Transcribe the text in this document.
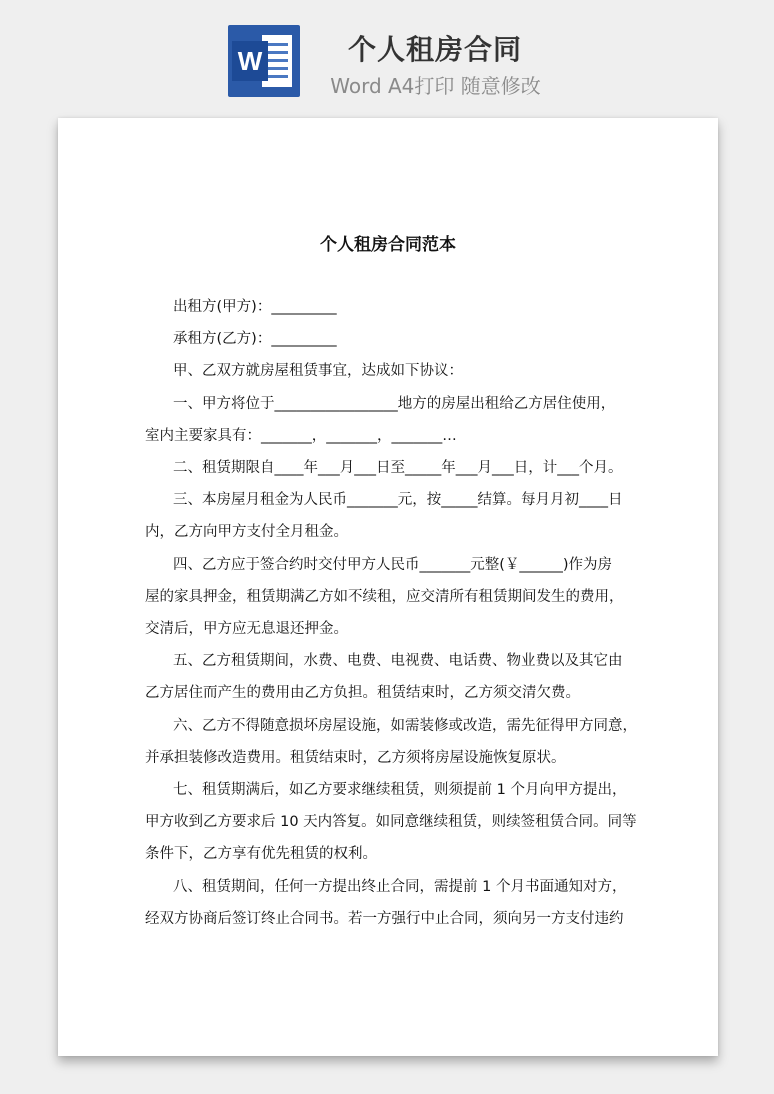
W	个人租房合同
Word A4打印 随意修改
个人租房合同范本
出租方(甲方)：_________
承租方(乙方)：_________
甲、乙双方就房屋租赁事宜，达成如下协议：
一、甲方将位于_________________地方的房屋出租给乙方居住使用，
室内主要家具有：_______，_______，_______…
二、租赁期限自____年___月___日至_____年___月___日，计___个月。
三、本房屋月租金为人民币_______元，按_____结算。每月月初____日
内，乙方向甲方支付全月租金。
四、乙方应于签合约时交付甲方人民币_______元整(￥______)作为房
屋的家具押金，租赁期满乙方如不续租，应交清所有租赁期间发生的费用，
交清后，甲方应无息退还押金。
五、乙方租赁期间，水费、电费、电视费、电话费、物业费以及其它由
乙方居住而产生的费用由乙方负担。租赁结束时，乙方须交清欠费。
六、乙方不得随意损坏房屋设施，如需装修或改造，需先征得甲方同意，
并承担装修改造费用。租赁结束时，乙方须将房屋设施恢复原状。
七、租赁期满后，如乙方要求继续租赁，则须提前 1 个月向甲方提出，
甲方收到乙方要求后 10 天内答复。如同意继续租赁，则续签租赁合同。同等
条件下，乙方享有优先租赁的权利。
八、租赁期间，任何一方提出终止合同，需提前 1 个月书面通知对方，
经双方协商后签订终止合同书。若一方强行中止合同，须向另一方支付违约
